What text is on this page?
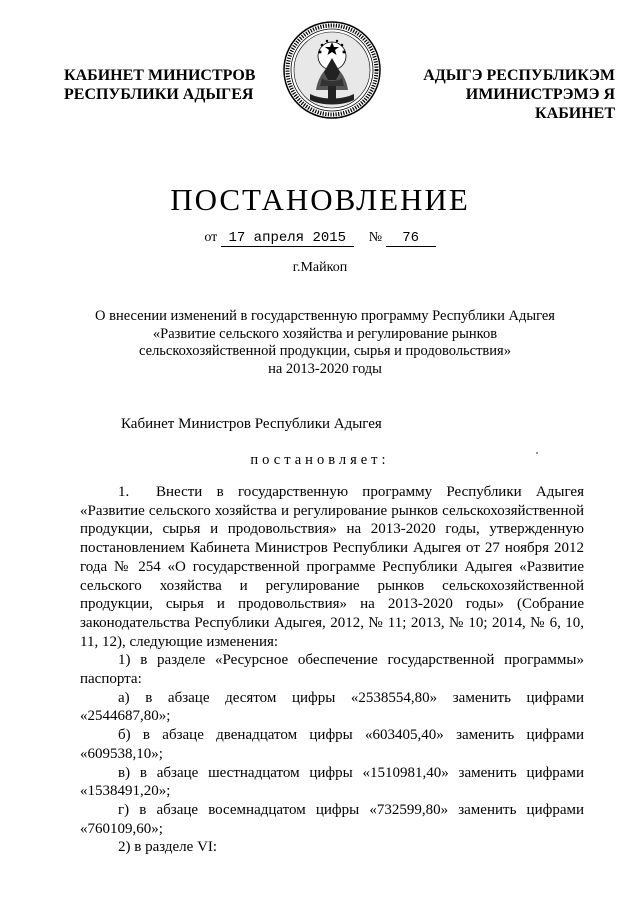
КАБИНЕТ МИНИСТРОВ
РЕСПУБЛИКИ АДЫГЕЯ
АДЫГЭ РЕСПУБЛИКЭМ
ИМИНИСТРЭМЭ Я КАБИНЕТ
ПОСТАНОВЛЕНИЕ
от 17 апреля 2015 № 76
г.Майкоп
О внесении изменений в государственную программу Республики Адыгея
«Развитие сельского хозяйства и регулирование рынков
сельскохозяйственной продукции, сырья и продовольствия»
на 2013-2020 годы
Кабинет Министров Республики Адыгея
постановляет:

1. Внести в государственную программу Республики Адыгея «Развитие сельского хозяйства и регулирование рынков сельскохозяйственной продукции, сырья и продовольствия» на 2013-2020 годы, утвержденную постановлением Кабинета Министров Республики Адыгея от 27 ноября 2012 года № 254 «О государственной программе Республики Адыгея «Развитие сельского хозяйства и регулирование рынков сельскохозяйственной продукции, сырья и продовольствия» на 2013-2020 годы» (Собрание законодательства Республики Адыгея, 2012, № 11; 2013, № 10; 2014, № 6, 10, 11, 12), следующие изменения:

1) в разделе «Ресурсное обеспечение государственной программы» паспорта:

а) в абзаце десятом цифры «2538554,80» заменить цифрами «2544687,80»;

б) в абзаце двенадцатом цифры «603405,40» заменить цифрами «609538,10»;

в) в абзаце шестнадцатом цифры «1510981,40» заменить цифрами «1538491,20»;

г) в абзаце восемнадцатом цифры «732599,80» заменить цифрами «760109,60»;

2) в разделе VI:
